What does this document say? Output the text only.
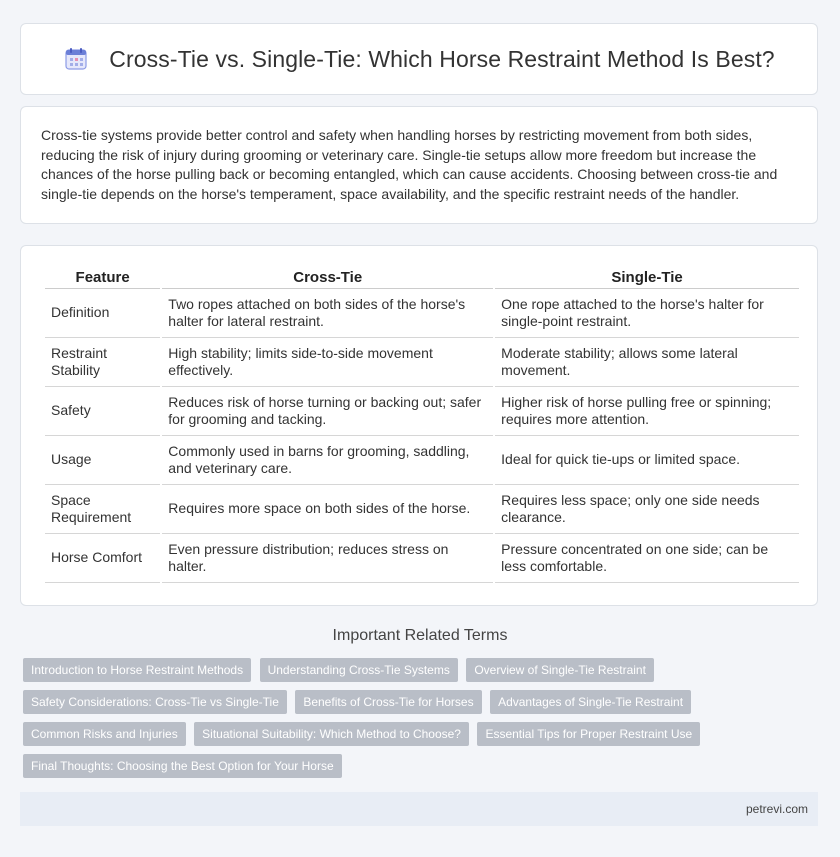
Cross-Tie vs. Single-Tie: Which Horse Restraint Method Is Best?

Cross-tie systems provide better control and safety when handling horses by restricting movement from both sides, reducing the risk of injury during grooming or veterinary care. Single-tie setups allow more freedom but increase the chances of the horse pulling back or becoming entangled, which can cause accidents. Choosing between cross-tie and single-tie depends on the horse's temperament, space availability, and the specific restraint needs of the handler.

Feature	Cross-Tie	Single-Tie
Definition	Two ropes attached on both sides of the horse's halter for lateral restraint.	One rope attached to the horse's halter for single-point restraint.
Restraint Stability	High stability; limits side-to-side movement effectively.	Moderate stability; allows some lateral movement.
Safety	Reduces risk of horse turning or backing out; safer for grooming and tacking.	Higher risk of horse pulling free or spinning; requires more attention.
Usage	Commonly used in barns for grooming, saddling, and veterinary care.	Ideal for quick tie-ups or limited space.
Space Requirement	Requires more space on both sides of the horse.	Requires less space; only one side needs clearance.
Horse Comfort	Even pressure distribution; reduces stress on halter.	Pressure concentrated on one side; can be less comfortable.
Important Related Terms
Introduction to Horse Restraint Methods Understanding Cross-Tie Systems Overview of Single-Tie Restraint Safety Considerations: Cross-Tie vs Single-Tie Benefits of Cross-Tie for Horses Advantages of Single-Tie Restraint Common Risks and Injuries Situational Suitability: Which Method to Choose? Essential Tips for Proper Restraint Use Final Thoughts: Choosing the Best Option for Your Horse
petrevi.com
